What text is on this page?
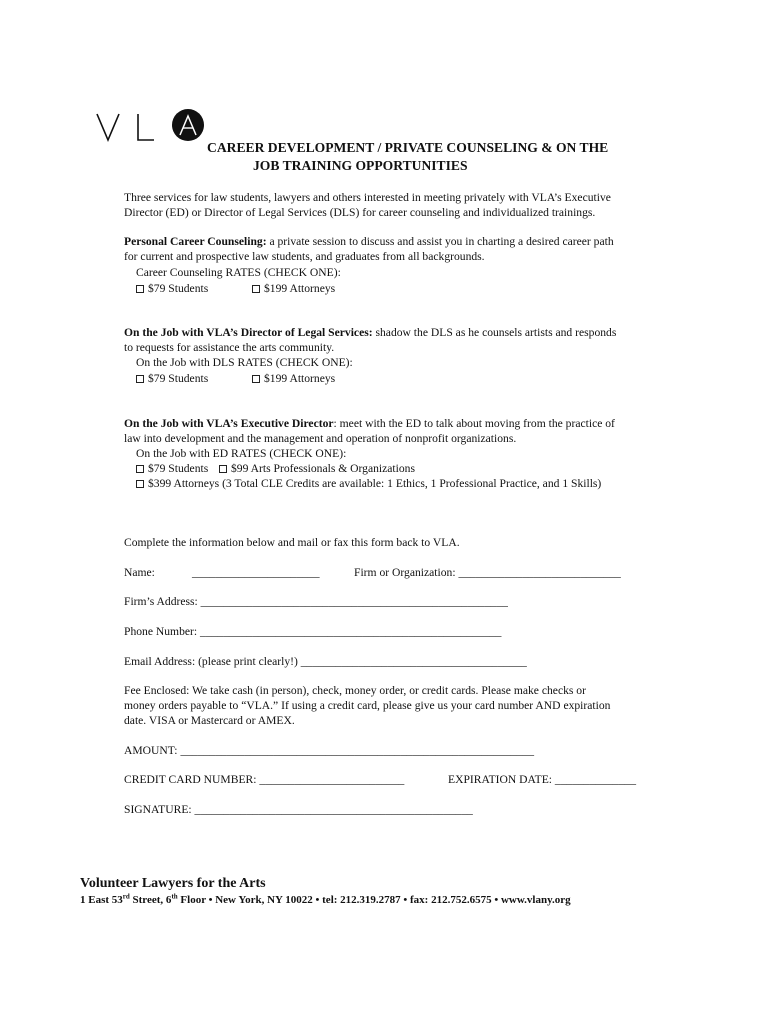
CAREER DEVELOPMENT / PRIVATE COUNSELING & ON THE
JOB TRAINING OPPORTUNITIES
Three services for law students, lawyers and others interested in meeting privately with VLA’s Executive
Director (ED) or Director of Legal Services (DLS) for career counseling and individualized trainings.
Personal Career Counseling: a private session to discuss and assist you in charting a desired career path
for current and prospective law students, and graduates from all backgrounds.
Career Counseling RATES (CHECK ONE):
$79 Students	$199 Attorneys
On the Job with VLA’s Director of Legal Services: shadow the DLS as he counsels artists and responds
to requests for assistance the arts community.
On the Job with DLS RATES (CHECK ONE):
$79 Students	$199 Attorneys
On the Job with VLA’s Executive Director: meet with the ED to talk about moving from the practice of
law into development and the management and operation of nonprofit organizations.
On the Job with ED RATES (CHECK ONE):
$79 Students $99 Arts Professionals & Organizations
$399 Attorneys (3 Total CLE Credits are available: 1 Ethics, 1 Professional Practice, and 1 Skills)
Complete the information below and mail or fax this form back to VLA.
Name:	______________________	Firm or Organization: ____________________________
Firm’s Address: _____________________________________________________
Phone Number: ____________________________________________________
Email Address: (please print clearly!) _______________________________________
Fee Enclosed: We take cash (in person), check, money order, or credit cards. Please make checks or
money orders payable to “VLA.” If using a credit card, please give us your card number AND expiration
date. VISA or Mastercard or AMEX.
AMOUNT: _____________________________________________________________
CREDIT CARD NUMBER: _________________________	EXPIRATION DATE: ______________
SIGNATURE: ________________________________________________
Volunteer Lawyers for the Arts
1 East 53rd Street, 6th Floor • New York, NY 10022 • tel: 212.319.2787 • fax: 212.752.6575 • www.vlany.org
